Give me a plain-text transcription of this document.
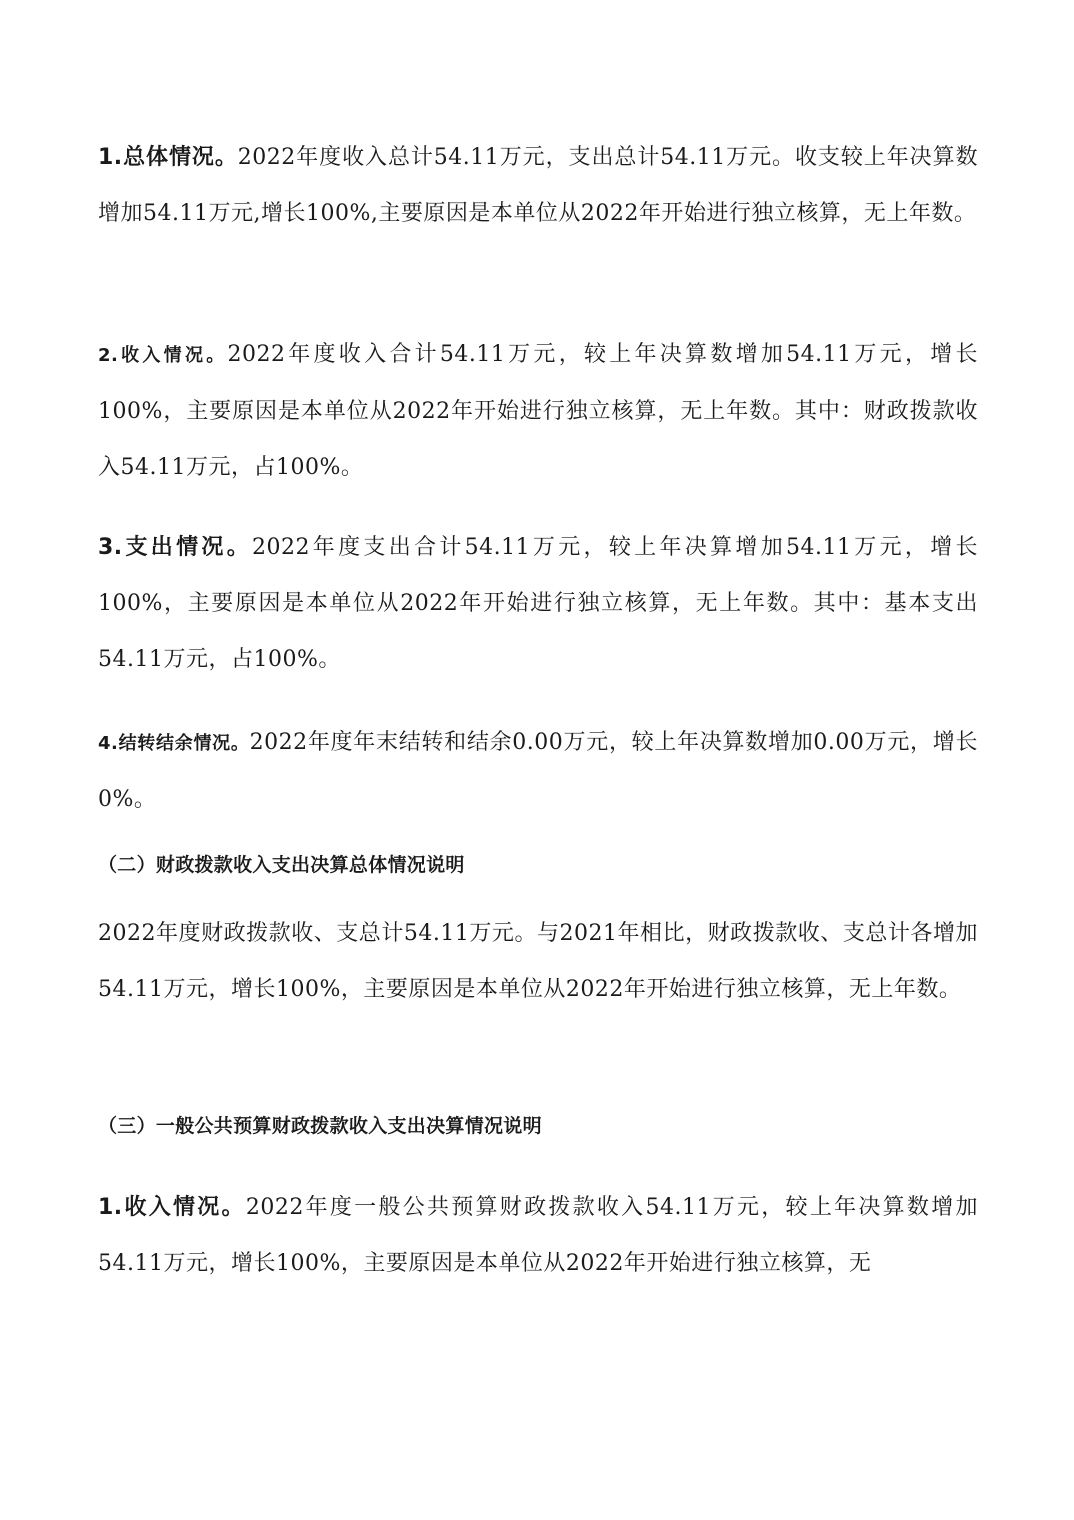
1.总体情况。2022年度收入总计54.11万元，支出总计54.11万元。收支较上年决算数增加54.11万元,增长100%,主要原因是本单位从2022年开始进行独立核算，无上年数。

2.收入情况。2022年度收入合计54.11万元，较上年决算数增加54.11万元，增长100%，主要原因是本单位从2022年开始进行独立核算，无上年数。其中：财政拨款收入54.11万元，占100%。

3.支出情况。2022年度支出合计54.11万元，较上年决算增加54.11万元，增长100%，主要原因是本单位从2022年开始进行独立核算，无上年数。其中：基本支出54.11万元，占100%。

4.结转结余情况。2022年度年末结转和结余0.00万元，较上年决算数增加0.00万元，增长0%。

（二）财政拨款收入支出决算总体情况说明

2022年度财政拨款收、支总计54.11万元。与2021年相比，财政拨款收、支总计各增加54.11万元，增长100%，主要原因是本单位从2022年开始进行独立核算，无上年数。

（三）一般公共预算财政拨款收入支出决算情况说明

1.收入情况。2022年度一般公共预算财政拨款收入54.11万元，较上年决算数增加54.11万元，增长100%，主要原因是本单位从2022年开始进行独立核算，无
